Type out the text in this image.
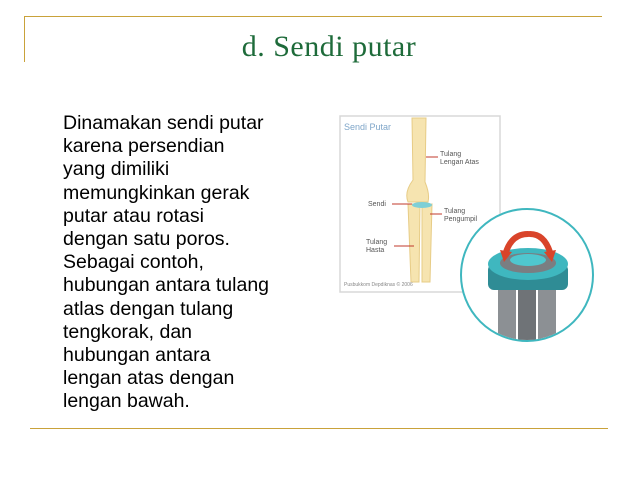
d. Sendi putar
Dinamakan sendi putar
karena persendian
yang dimiliki
memungkinkan gerak
putar atau rotasi
dengan satu poros.
Sebagai contoh,
hubungan antara tulang
atlas dengan tulang
tengkorak, dan
hubungan antara
lengan atas dengan
lengan bawah.
Sendi Putar
Tulang
Lengan Atas
Sendi
Tulang
Pengumpil
Tulang
Hasta
Pusbukkom Depdiknas © 2006
